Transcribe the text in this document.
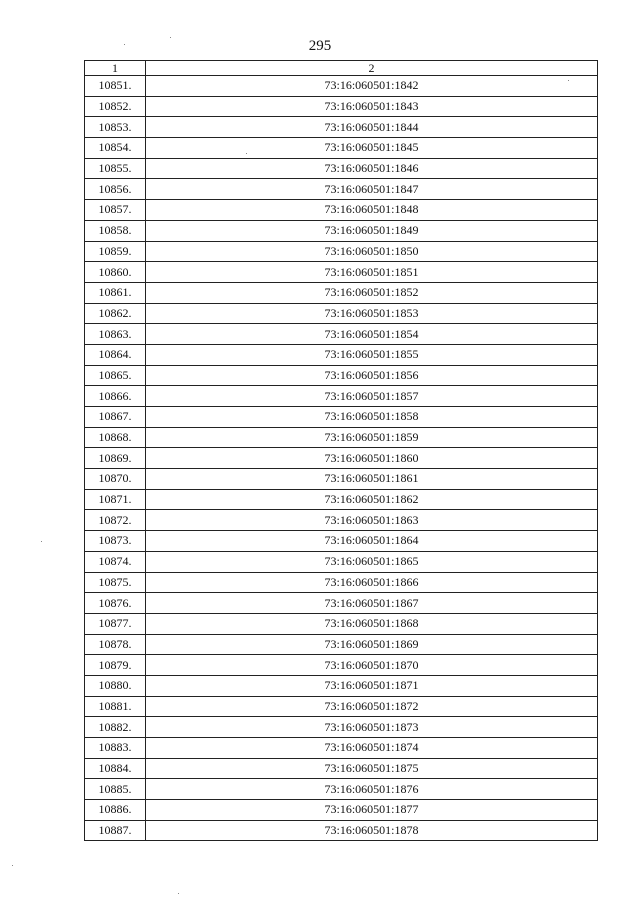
295
1	2
10851.	73:16:060501:1842
10852.	73:16:060501:1843
10853.	73:16:060501:1844
10854.	73:16:060501:1845
10855.	73:16:060501:1846
10856.	73:16:060501:1847
10857.	73:16:060501:1848
10858.	73:16:060501:1849
10859.	73:16:060501:1850
10860.	73:16:060501:1851
10861.	73:16:060501:1852
10862.	73:16:060501:1853
10863.	73:16:060501:1854
10864.	73:16:060501:1855
10865.	73:16:060501:1856
10866.	73:16:060501:1857
10867.	73:16:060501:1858
10868.	73:16:060501:1859
10869.	73:16:060501:1860
10870.	73:16:060501:1861
10871.	73:16:060501:1862
10872.	73:16:060501:1863
10873.	73:16:060501:1864
10874.	73:16:060501:1865
10875.	73:16:060501:1866
10876.	73:16:060501:1867
10877.	73:16:060501:1868
10878.	73:16:060501:1869
10879.	73:16:060501:1870
10880.	73:16:060501:1871
10881.	73:16:060501:1872
10882.	73:16:060501:1873
10883.	73:16:060501:1874
10884.	73:16:060501:1875
10885.	73:16:060501:1876
10886.	73:16:060501:1877
10887.	73:16:060501:1878
